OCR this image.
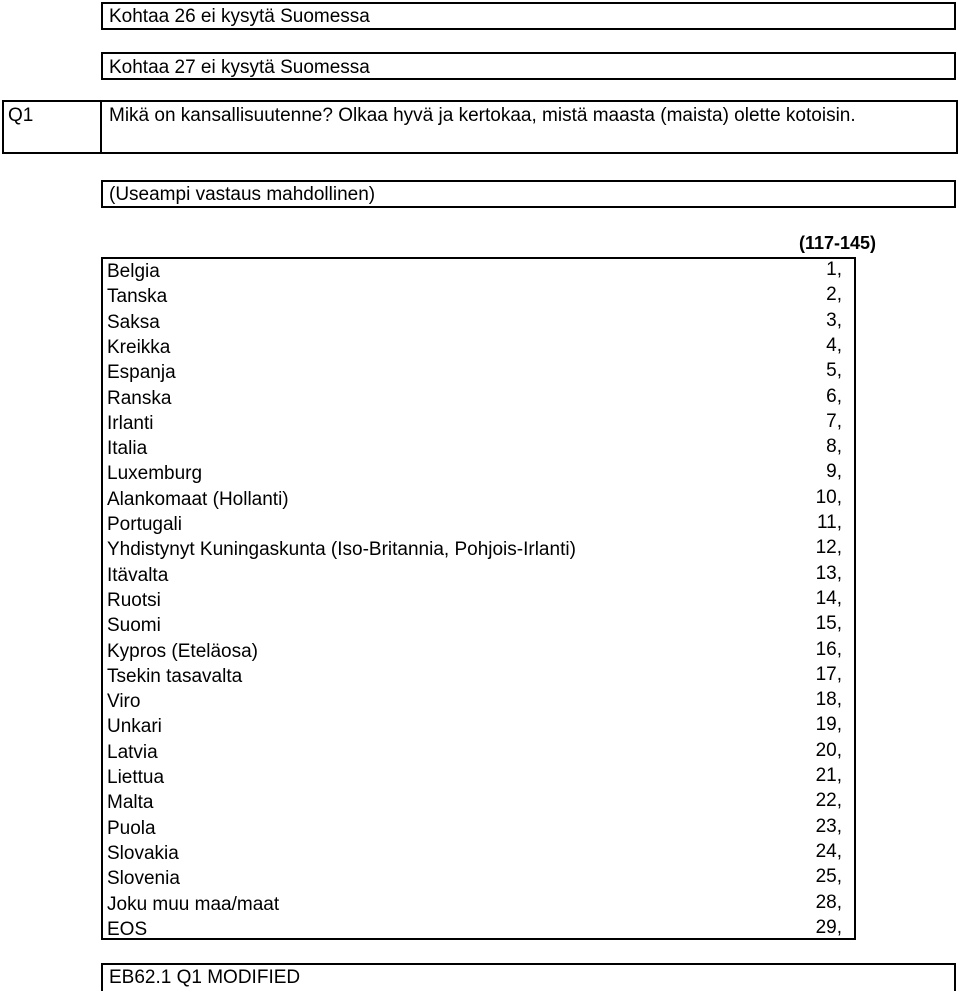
Kohtaa 26 ei kysytä Suomessa
Kohtaa 27 ei kysytä Suomessa
Q1	Mikä on kansallisuutenne? Olkaa hyvä ja kertokaa, mistä maasta (maista) olette kotoisin.
(Useampi vastaus mahdollinen)
(117-145)
Belgia
Tanska
Saksa
Kreikka
Espanja
Ranska
Irlanti
Italia
Luxemburg
Alankomaat (Hollanti)
Portugali
Yhdistynyt Kuningaskunta (Iso-Britannia, Pohjois-Irlanti)
Itävalta
Ruotsi
Suomi
Kypros (Eteläosa)
Tsekin tasavalta
Viro
Unkari
Latvia
Liettua
Malta
Puola
Slovakia
Slovenia
Joku muu maa/maat
EOS
EB62.1 Q1 MODIFIED
1,
2,
3,
4,
5,
6,
7,
8,
9,
10,
11,
12,
13,
14,
15,
16,
17,
18,
19,
20,
21,
22,
23,
24,
25,
28,
29,
